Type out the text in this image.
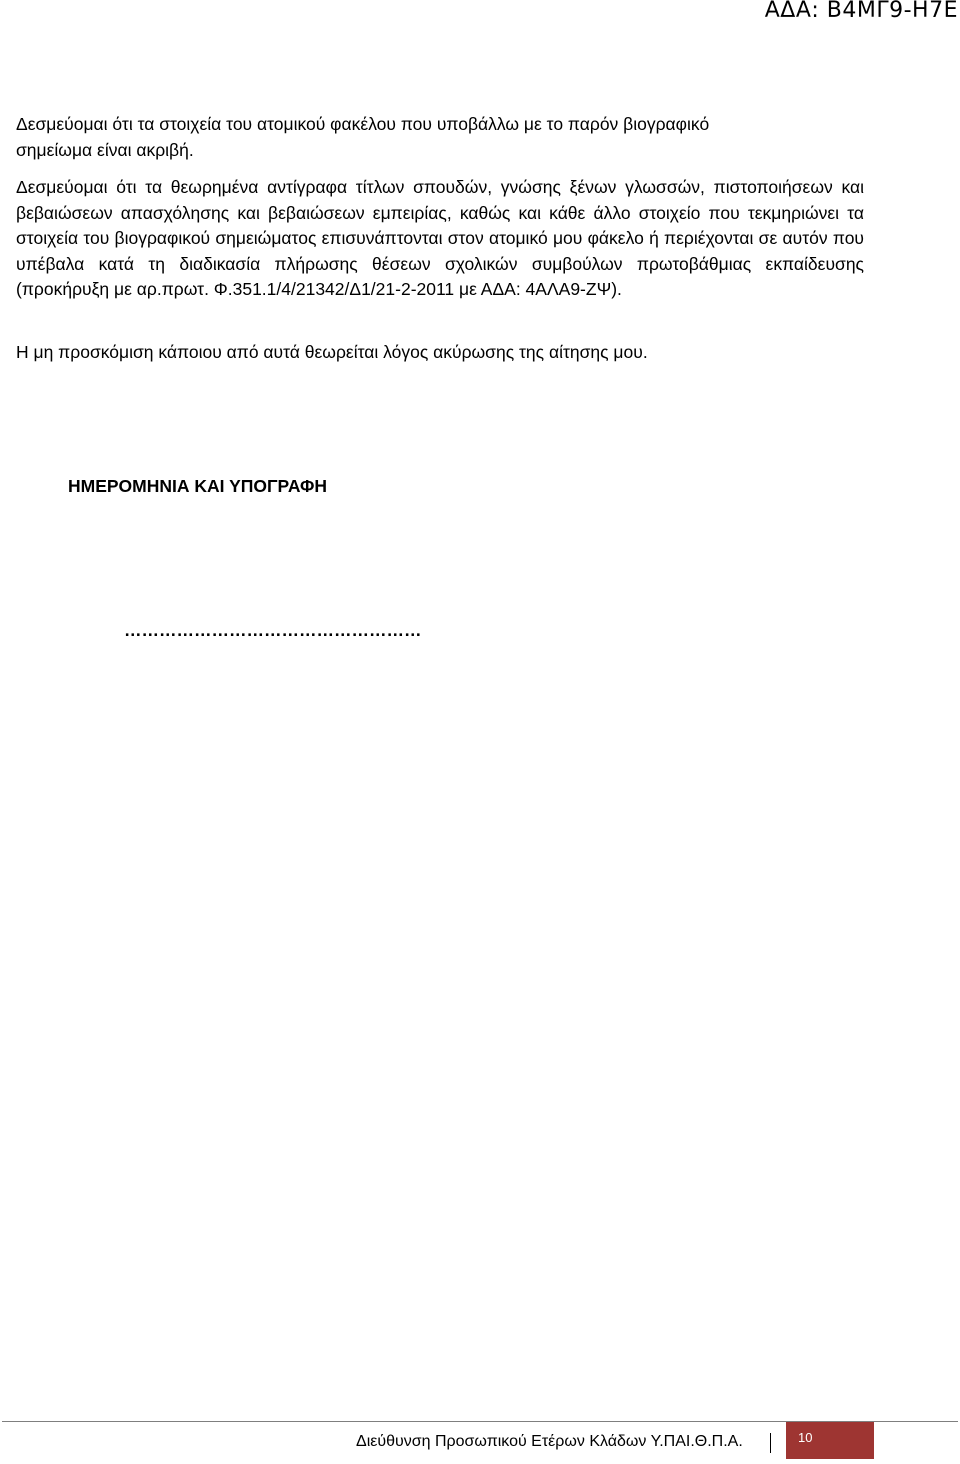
ΑΔΑ: Β4ΜΓ9-Η7Ε
Δεσμεύομαι ότι τα στοιχεία του ατομικού φακέλου που υποβάλλω με το παρόν βιογραφικό
σημείωμα είναι ακριβή.

Δεσμεύομαι ότι τα θεωρημένα αντίγραφα τίτλων σπουδών, γνώσης ξένων γλωσσών, πιστοποιήσεων και βεβαιώσεων απασχόλησης και βεβαιώσεων εμπειρίας, καθώς και κάθε άλλο στοιχείο που τεκμηριώνει τα στοιχεία του βιογραφικού σημειώματος επισυνάπτονται στον ατομικό μου φάκελο ή περιέχονται σε αυτόν που υπέβαλα κατά τη διαδικασία πλήρωσης θέσεων σχολικών συμβούλων πρωτοβάθμιας εκπαίδευσης (προκήρυξη με αρ.πρωτ. Φ.351.1/4/21342/Δ1/21-2-2011 με ΑΔΑ: 4ΑΛΑ9-ΖΨ).

Η μη προσκόμιση κάποιου από αυτά θεωρείται λόγος ακύρωσης της αίτησης μου.

ΗΜΕΡΟΜΗΝΙΑ ΚΑΙ ΥΠΟΓΡΑΦΗ
……………………………………………
Διεύθυνση Προσωπικού Ετέρων Κλάδων Υ.ΠΑΙ.Θ.Π.Α.	10
